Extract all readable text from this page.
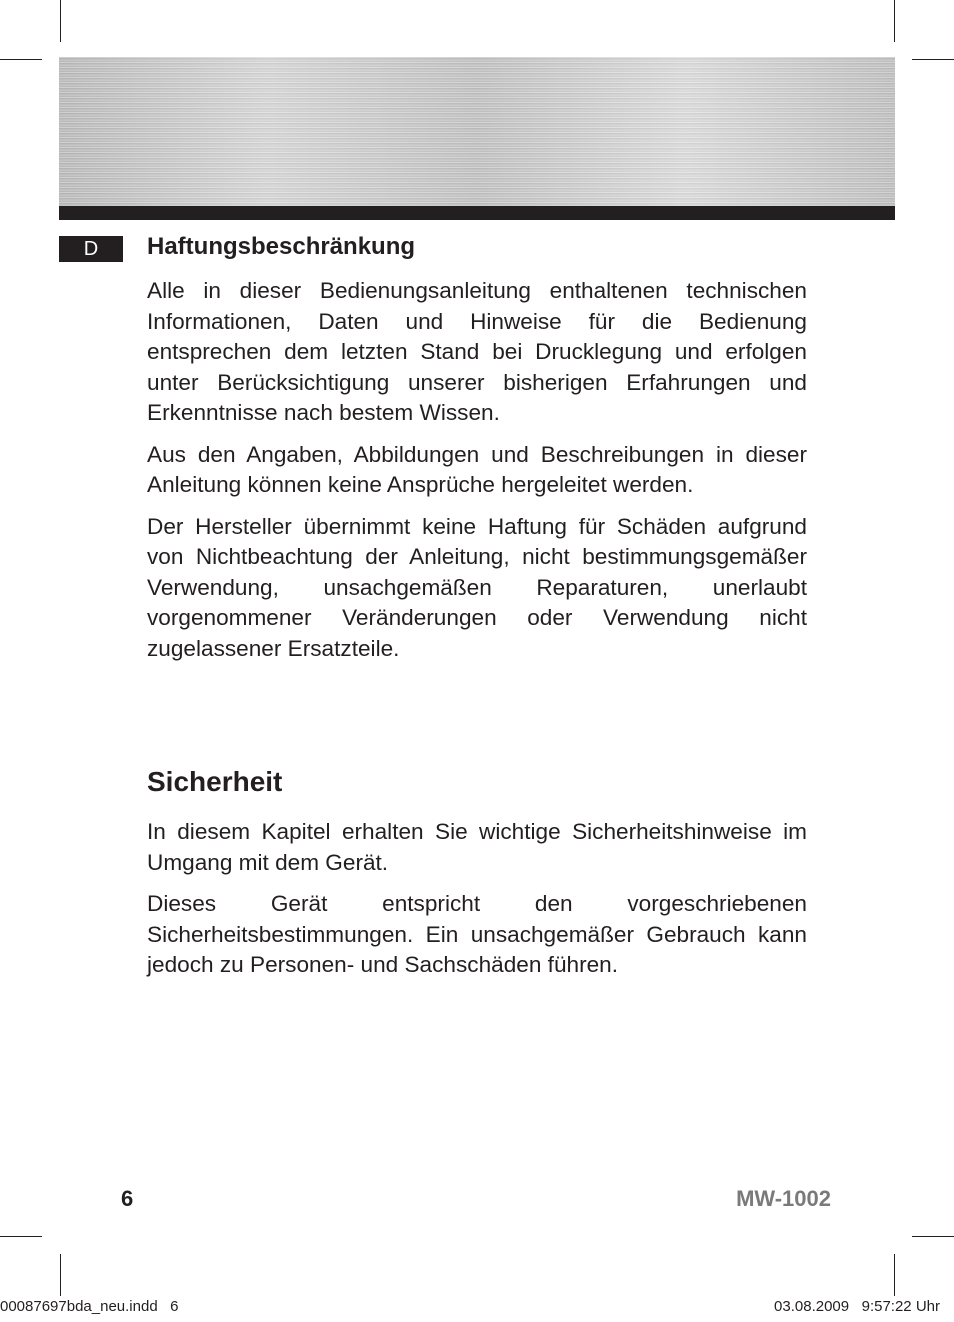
D	Haftungsbeschränkung

Alle in dieser Bedienungsanleitung enthaltenen technischen Informationen, Daten und Hinweise für die Bedienung entsprechen dem letzten Stand bei Drucklegung und erfolgen unter Berücksichtigung unserer bisherigen Erfahrungen und Erkenntnisse nach bestem Wissen.

Aus den Angaben, Abbildungen und Beschreibungen in dieser Anleitung können keine Ansprüche hergeleitet werden.

Der Hersteller übernimmt keine Haftung für Schäden aufgrund von Nichtbeachtung der Anleitung, nicht bestimmungsgemäßer Verwendung, unsachgemäßen Reparaturen, unerlaubt vorgenommener Veränderungen oder Verwendung nicht zugelassener Ersatzteile.

Sicherheit

In diesem Kapitel erhalten Sie wichtige Sicherheitshinweise im Umgang mit dem Gerät.

Dieses Gerät entspricht den vorgeschriebenen Sicherheitsbestimmungen. Ein unsachgemäßer Gebrauch kann jedoch zu Personen- und Sachschäden führen.

6	MW-1002
00087697bda_neu.indd   6	03.08.2009   9:57:22 Uhr
